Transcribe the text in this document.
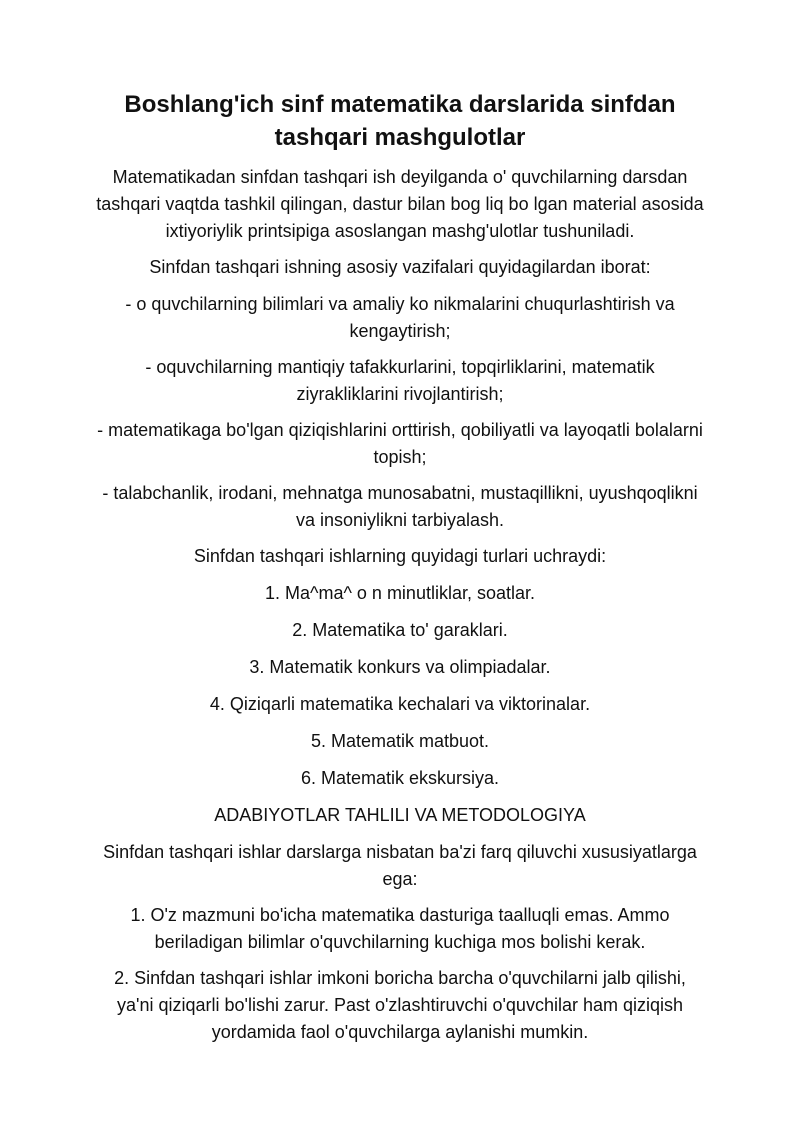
Boshlang'ich sinf matematika darslarida sinfdan
tashqari mashgulotlar

Matematikadan sinfdan tashqari ish deyilganda o' quvchilarning darsdan
tashqari vaqtda tashkil qilingan, dastur bilan bog liq bo lgan material asosida
ixtiyoriylik printsipiga asoslangan mashg'ulotlar tushuniladi.

Sinfdan tashqari ishning asosiy vazifalari quyidagilardan iborat:

- o quvchilarning bilimlari va amaliy ko nikmalarini chuqurlashtirish va
kengaytirish;

- oquvchilarning mantiqiy tafakkurlarini, topqirliklarini, matematik
ziyrakliklarini rivojlantirish;

- matematikaga bo'lgan qiziqishlarini orttirish, qobiliyatli va layoqatli bolalarni
topish;

- talabchanlik, irodani, mehnatga munosabatni, mustaqillikni, uyushqoqlikni
va insoniylikni tarbiyalash.

Sinfdan tashqari ishlarning quyidagi turlari uchraydi:

1. Ma^ma^ o n minutliklar, soatlar.

2. Matematika to' garaklari.

3. Matematik konkurs va olimpiadalar.

4. Qiziqarli matematika kechalari va viktorinalar.

5. Matematik matbuot.

6. Matematik ekskursiya.

ADABIYOTLAR TAHLILI VA METODOLOGIYA

Sinfdan tashqari ishlar darslarga nisbatan ba'zi farq qiluvchi xususiyatlarga
ega:

1. O'z mazmuni bo'icha matematika dasturiga taalluqli emas. Ammo
beriladigan bilimlar o'quvchilarning kuchiga mos bolishi kerak.

2. Sinfdan tashqari ishlar imkoni boricha barcha o'quvchilarni jalb qilishi,
ya'ni qiziqarli bo'lishi zarur. Past o'zlashtiruvchi o'quvchilar ham qiziqish
yordamida faol o'quvchilarga aylanishi mumkin.
